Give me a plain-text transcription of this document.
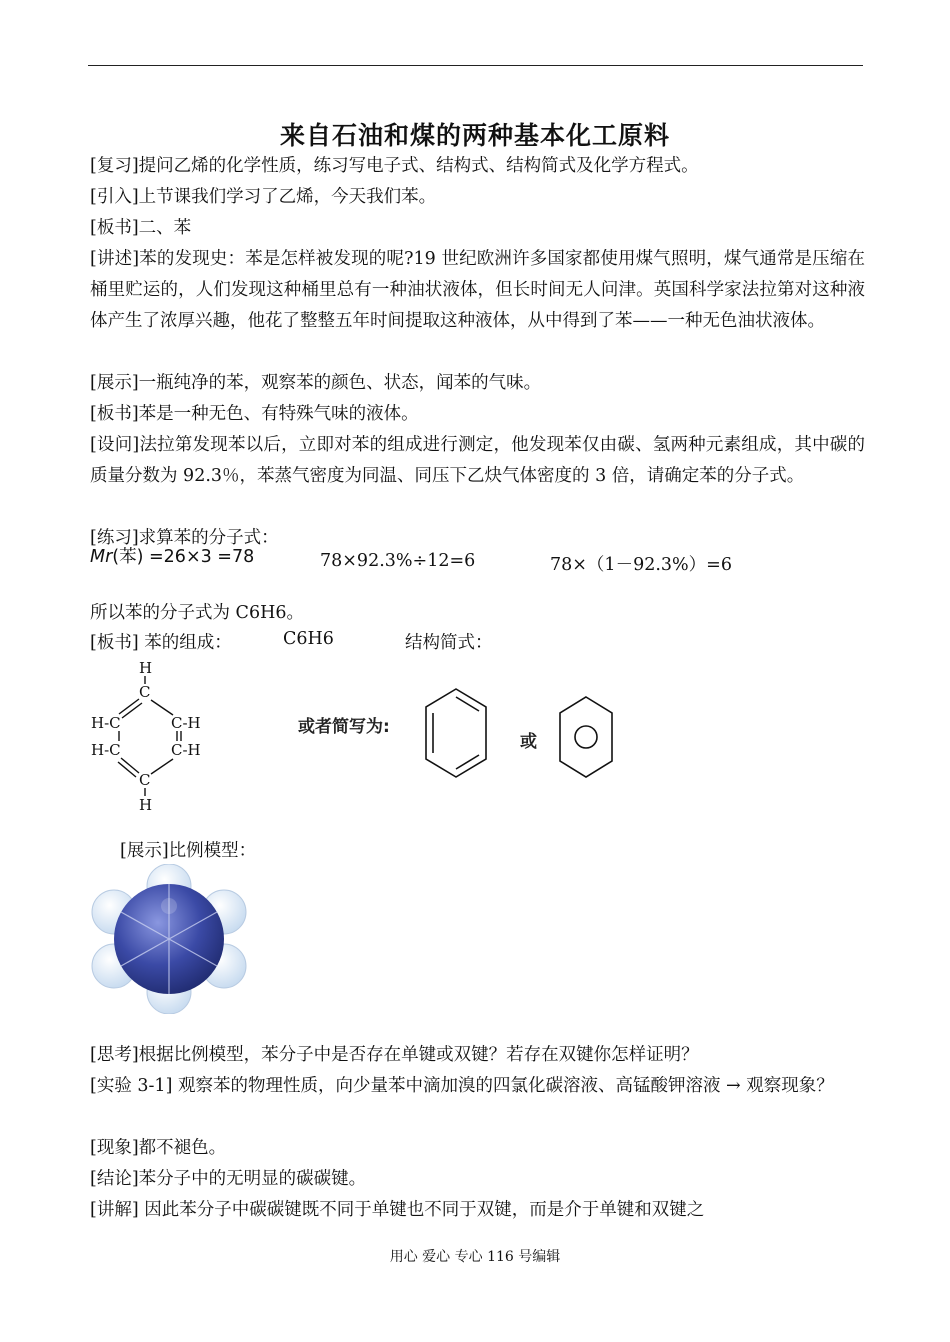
来自石油和煤的两种基本化工原料

[复习]提问乙烯的化学性质，练习写电子式、结构式、结构简式及化学方程式。

[引入]上节课我们学习了乙烯，今天我们苯。

[板书]二、苯

[讲述]苯的发现史：苯是怎样被发现的呢?19 世纪欧洲许多国家都使用煤气照明，煤气通常是压缩在桶里贮运的，人们发现这种桶里总有一种油状液体，但长时间无人问津。英国科学家法拉第对这种液体产生了浓厚兴趣，他花了整整五年时间提取这种液体，从中得到了苯——一种无色油状液体。

[展示]一瓶纯净的苯，观察苯的颜色、状态，闻苯的气味。

[板书]苯是一种无色、有特殊气味的液体。

[设问]法拉第发现苯以后，立即对苯的组成进行测定，他发现苯仅由碳、氢两种元素组成，其中碳的质量分数为 92.3％，苯蒸气密度为同温、同压下乙炔气体密度的 3 倍，请确定苯的分子式。

[练习]求算苯的分子式：

Mr(苯) =26×3 =78	78×92.3%÷12=6	78×（1－92.3%）=6

所以苯的分子式为 C6H6。

[板书] 苯的组成：	C6H6	结构简式：
H
C
H-C	C-H
H-C	C-H
C
H
或者简写为:
或

[展示]比例模型：

[思考]根据比例模型，苯分子中是否存在单键或双键？若存在双键你怎样证明？

[实验 3-1] 观察苯的物理性质，向少量苯中滴加溴的四氯化碳溶液、高锰酸钾溶液 → 观察现象？

[现象]都不褪色。

[结论]苯分子中的无明显的碳碳键。

[讲解] 因此苯分子中碳碳键既不同于单键也不同于双键，而是介于单键和双键之

用心 爱心 专心 116 号编辑
